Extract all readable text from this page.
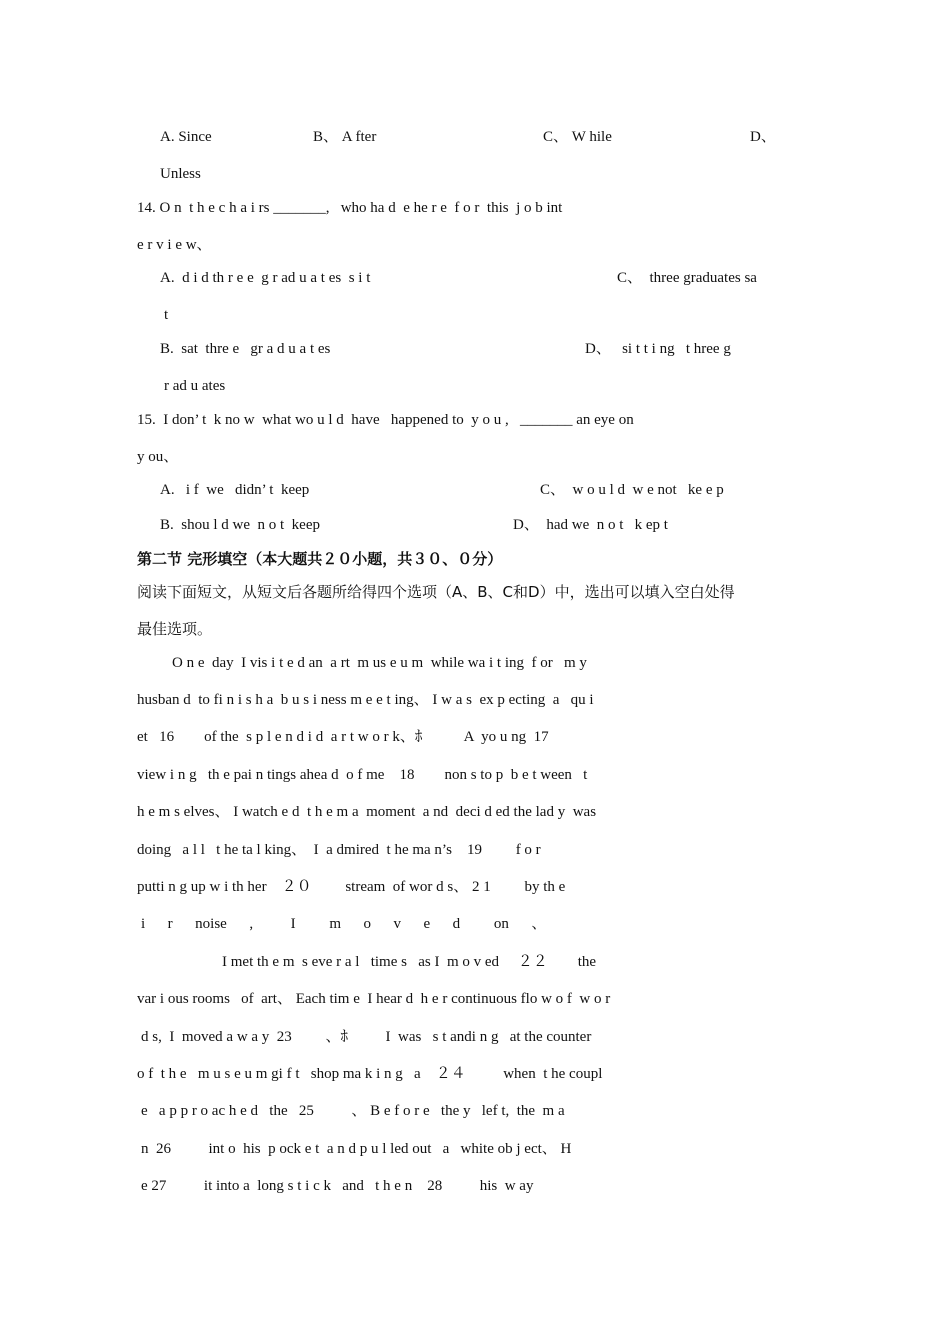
A. Since	B、 A fter	C、 W hile	D、
Unless
14. O n  t h e c h a i rs _______,   who ha d  e he r e  f o r  this  j o b int
e r v i e w、
A.  d i d th r e e  g r ad u a t es  s i t	C、  three graduates sa
t
B.  sat  thre e   gr a d u a t es	D、   si t t i ng   t hree g
r ad u ates
15.  I don’ t  k no w  what wo u l d  have   happened to  y o u ,   _______ an eye on
y ou、
A.   i f  we   didn’ t  keep	C、  w o u l d  w e not   ke e p
B.  shou l d we  n o t  keep	D、  had we  n o t   k ep t
第二节 完形填空（本大题共２０小题，共３０、０分）
阅读下面短文，从短文后各题所给得四个选项（A、B、C和D）中，选出可以填入空白处得
最佳选项。
O n e  day  I vis i t e d an  a rt  m us e u m  while wa i t ing  f or   m y
husban d  to fi n i s h a  b u s i ness m e e t ing、 I w a s  ex p ecting  a   qu i
et   16        of the  s p l e n d i d  a r t w o r k、ﾎ           A  yo u ng  17
view i n g   th e pai n tings ahea d  o f me    18        non s to p  b e t ween   t
h e m s elves、 I watch e d  t h e m a  moment  a nd  deci d ed the lad y  was
doing   a l l   t he ta l king、  I  a dmired  t he ma n’s    19         f o r
putti n g up w i th her    ２０         stream  of wor d s、 2 1         by th e
i      r      noise      ,          I         m      o      v      e      d         on      、
I met th e m  s eve r a l   time s   as I  m o v ed     ２２        the
var i ous rooms   of  art、 Each tim e  I hear d  h e r continuous flo w o f  w o r
d s,  I  moved a w a y  23         、ﾎ          I  was   s t andi n g   at the counter
o f  t h e   m u s e u m gi f t   shop ma k i n g   a    ２４          when  t he coupl
e   a p p r o ac h e d   the   25          、 B e f o r e   the y   lef t,  the  m a
n  26          int o  his  p ock e t  a n d p u l led out   a   white ob j ect、 H
e 27          it into a  long s t i c k   and   t h e n    28          his  w ay
